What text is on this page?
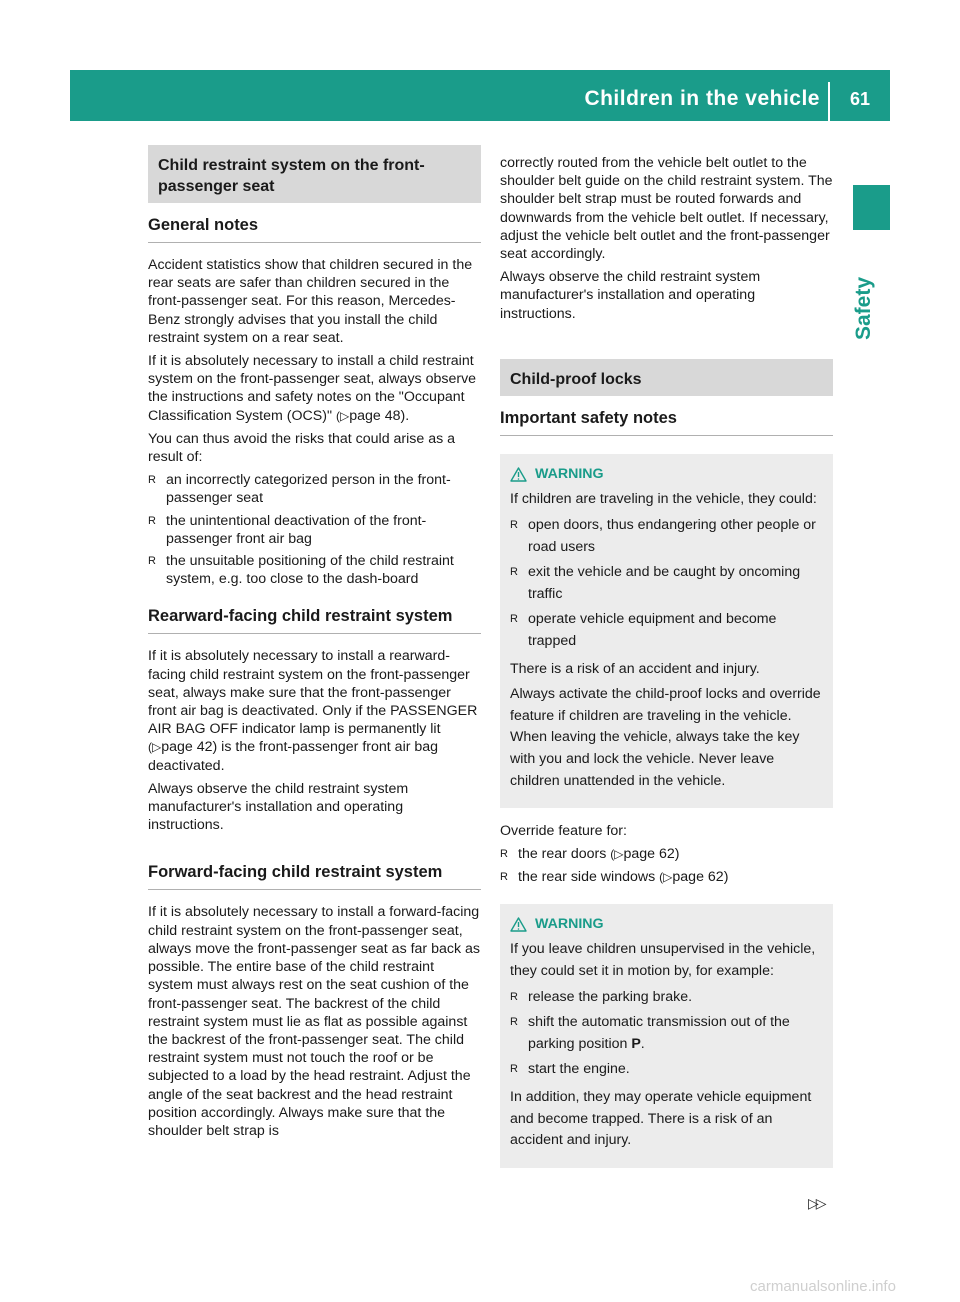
Children in the vehicle 61
Safety
Child restraint system on the front-passenger seat
General notes

Accident statistics show that children secured in the rear seats are safer than children secured in the front-passenger seat. For this reason, Mercedes-Benz strongly advises that you install the child restraint system on a rear seat.

If it is absolutely necessary to install a child restraint system on the front-passenger seat, always observe the instructions and safety notes on the "Occupant Classification System (OCS)" (▷page 48).

You can thus avoid the risks that could arise as a result of:

R an incorrectly categorized person in the front-passenger seat
R the unintentional deactivation of the front-passenger front air bag
R the unsuitable positioning of the child restraint system, e.g. too close to the dash-board
Rearward-facing child restraint system

If it is absolutely necessary to install a rearward-facing child restraint system on the front-passenger seat, always make sure that the front-passenger front air bag is deactivated. Only if the PASSENGER AIR BAG OFF indicator lamp is permanently lit (▷page 42) is the front-passenger front air bag deactivated.

Always observe the child restraint system manufacturer's installation and operating instructions.

Forward-facing child restraint system

If it is absolutely necessary to install a forward-facing child restraint system on the front-passenger seat, always move the front-passenger seat as far back as possible. The entire base of the child restraint system must always rest on the seat cushion of the front-passenger seat. The backrest of the child restraint system must lie as flat as possible against the backrest of the front-passenger seat. The child restraint system must not touch the roof or be subjected to a load by the head restraint. Adjust the angle of the seat backrest and the head restraint position accordingly. Always make sure that the shoulder belt strap is

correctly routed from the vehicle belt outlet to the shoulder belt guide on the child restraint system. The shoulder belt strap must be routed forwards and downwards from the vehicle belt outlet. If necessary, adjust the vehicle belt outlet and the front-passenger seat accordingly.

Always observe the child restraint system manufacturer's installation and operating instructions.

Child-proof locks
Important safety notes
WARNING

If children are traveling in the vehicle, they could:

R open doors, thus endangering other people or road users
R exit the vehicle and be caught by oncoming traffic
R operate vehicle equipment and become trapped

There is a risk of an accident and injury.

Always activate the child-proof locks and override feature if children are traveling in the vehicle. When leaving the vehicle, always take the key with you and lock the vehicle. Never leave children unattended in the vehicle.

Override feature for:

R the rear doors (▷page 62)
R the rear side windows (▷page 62)
WARNING

If you leave children unsupervised in the vehicle, they could set it in motion by, for example:

R release the parking brake.
R shift the automatic transmission out of the parking position P.
R start the engine.

In addition, they may operate vehicle equipment and become trapped. There is a risk of an accident and injury.

▷▷
carmanualsonline.info
